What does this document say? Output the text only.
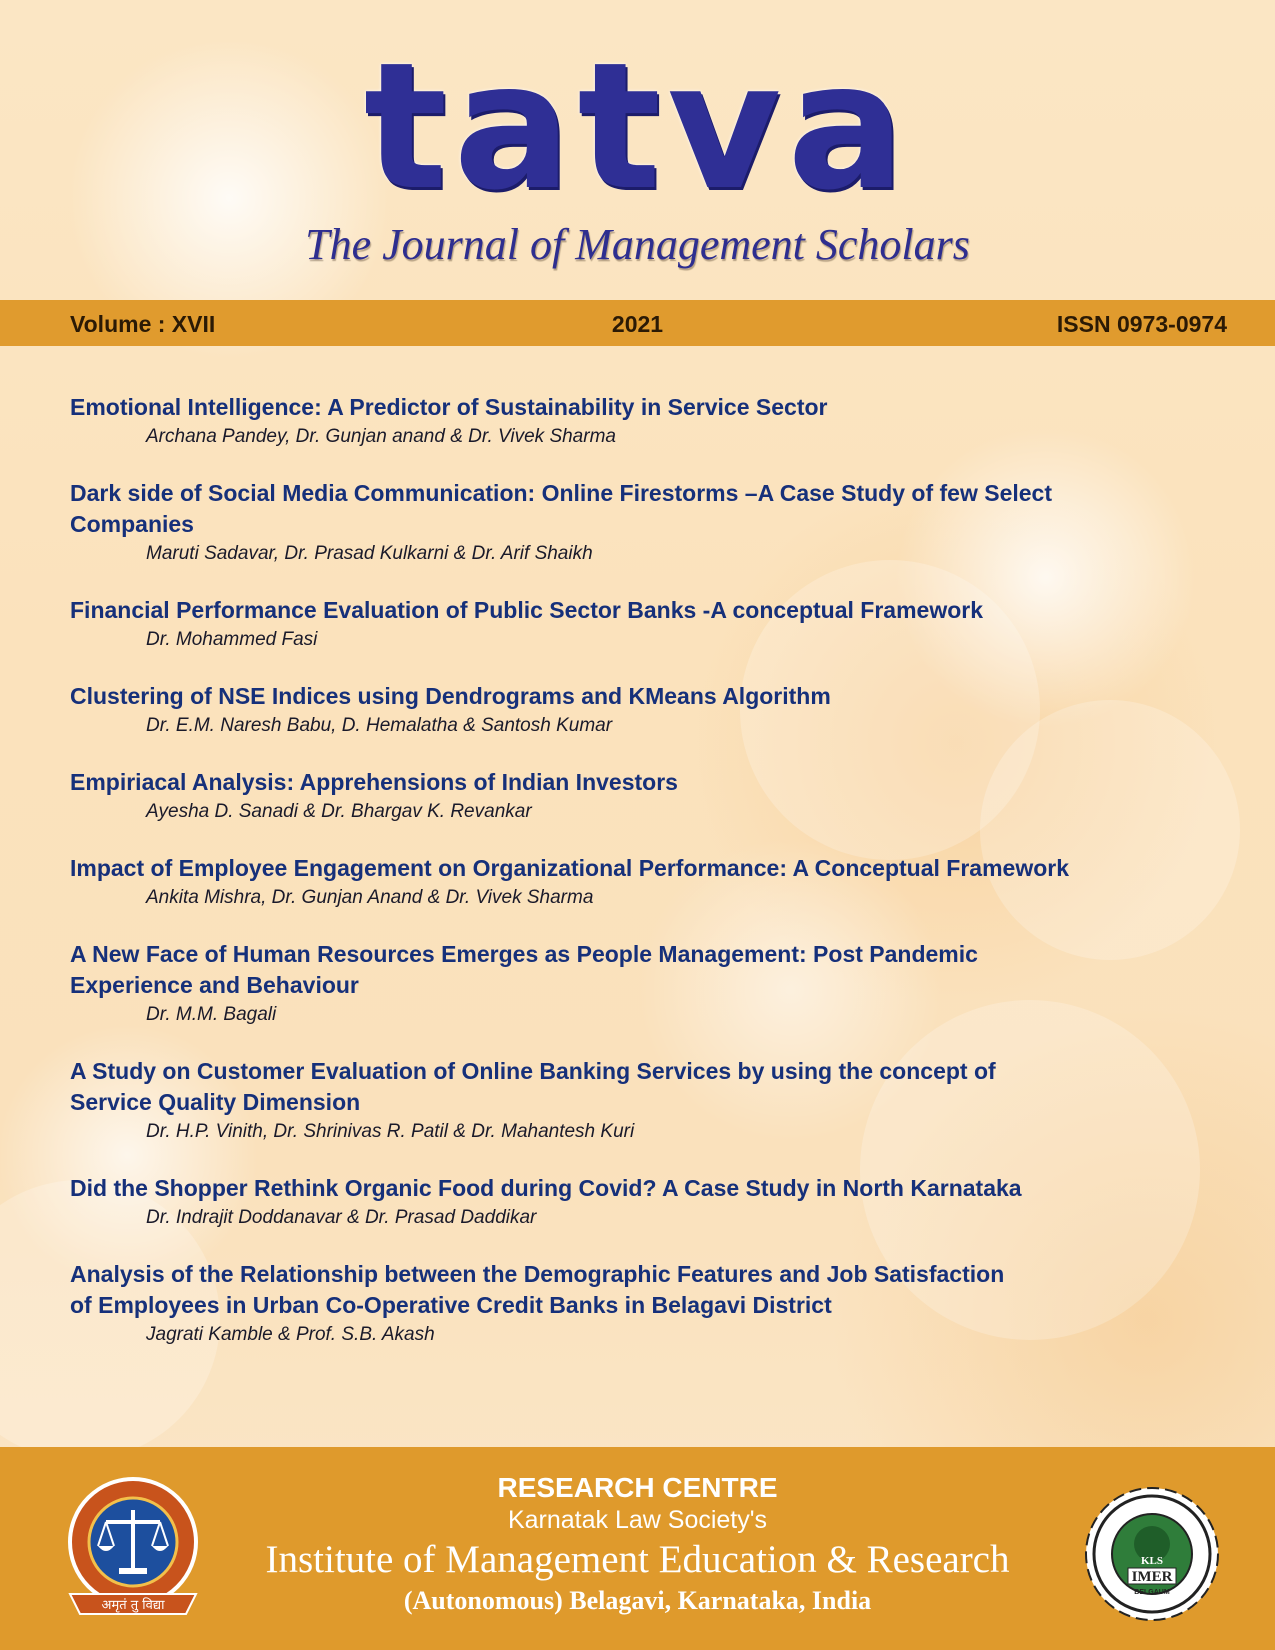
tatva
The Journal of Management Scholars
Volume : XVII	2021	ISSN 0973-0974
Emotional Intelligence: A Predictor of Sustainability in Service Sector
Archana Pandey, Dr. Gunjan anand & Dr. Vivek Sharma
Dark side of Social Media Communication: Online Firestorms –A Case Study of few Select
Companies
Maruti Sadavar, Dr. Prasad Kulkarni & Dr. Arif Shaikh
Financial Performance Evaluation of Public Sector Banks -A conceptual Framework
Dr. Mohammed Fasi
Clustering of NSE Indices using Dendrograms and KMeans Algorithm
Dr. E.M. Naresh Babu, D. Hemalatha & Santosh Kumar
Empiriacal Analysis: Apprehensions of Indian Investors
Ayesha D. Sanadi & Dr. Bhargav K. Revankar
Impact of Employee Engagement on Organizational Performance: A Conceptual Framework
Ankita Mishra, Dr. Gunjan Anand & Dr. Vivek Sharma
A New Face of Human Resources Emerges as People Management: Post Pandemic
Experience and Behaviour
Dr. M.M. Bagali
A Study on Customer Evaluation of Online Banking Services by using the concept of
Service Quality Dimension
Dr. H.P. Vinith, Dr. Shrinivas R. Patil & Dr. Mahantesh Kuri
Did the Shopper Rethink Organic Food during Covid? A Case Study in North Karnataka
Dr. Indrajit Doddanavar & Dr. Prasad Daddikar
Analysis of the Relationship between the Demographic Features and Job Satisfaction
of Employees in Urban Co-Operative Credit Banks in Belagavi District
Jagrati Kamble & Prof. S.B. Akash
RESEARCH CENTRE
Karnatak Law Society's
Institute of Management Education & Research
(Autonomous) Belagavi, Karnataka, India
अमृतं तु विद्या
KLS
IMER
BELGAUM
